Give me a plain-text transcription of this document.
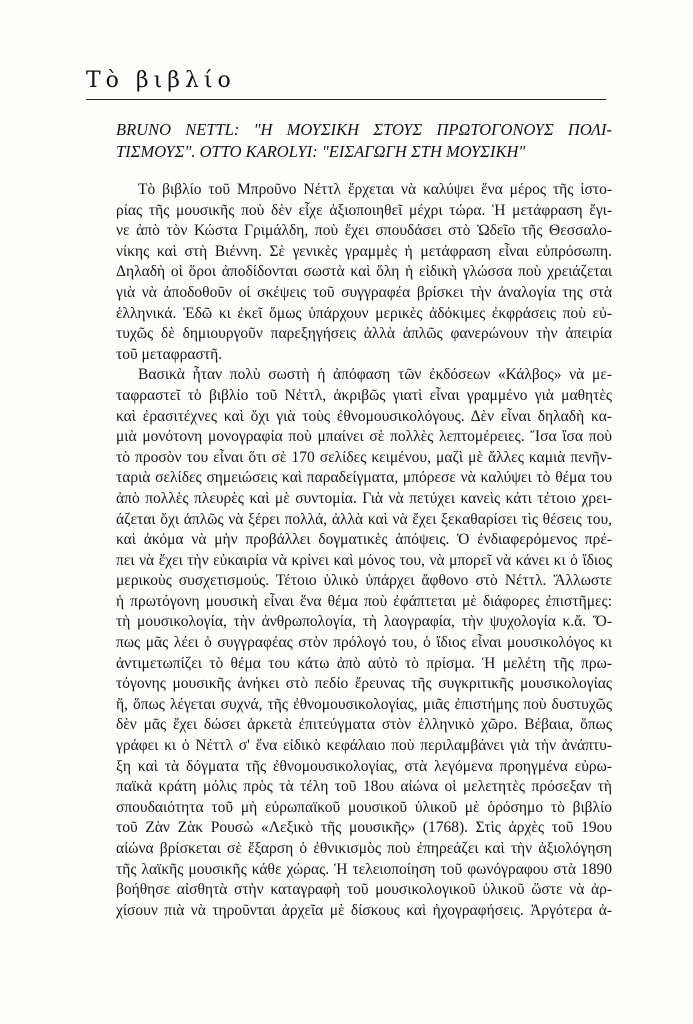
Τὸ βιβλίο
BRUNO NETTL: "Η ΜΟΥΣΙΚΗ ΣΤΟΥΣ ΠΡΩΤΟΓΟΝΟΥΣ ΠΟΛΙ-
ΤΙΣΜΟΥΣ". OTTO KAROLYI: "ΕΙΣΑΓΩΓΗ ΣΤΗ ΜΟΥΣΙΚΗ"
Τὸ βιβλίο τοῦ Μπροῦνο Νέττλ ἔρχεται νὰ καλύψει ἕνα μέρος τῆς ἱστο-
ρίας τῆς μουσικῆς ποὺ δὲν εἶχε ἀξιοποιηθεῖ μέχρι τώρα. Ἡ μετάφραση ἔγι-
νε ἀπὸ τὸν Κώστα Γριμάλδη, ποὺ ἔχει σπουδάσει στὸ Ὠδεῖο τῆς Θεσσαλο-
νίκης καὶ στὴ Βιέννη. Σὲ γενικὲς γραμμὲς ἡ μετάφραση εἶναι εὐπρόσωπη.
Δηλαδὴ οἱ ὅροι ἀποδίδονται σωστὰ καὶ ὅλη ἡ εἰδικὴ γλώσσα ποὺ χρειάζεται
γιὰ νὰ ἀποδοθοῦν οἱ σκέψεις τοῦ συγγραφέα βρίσκει τὴν ἀναλογία της στὰ
ἑλληνικά. Ἐδῶ κι ἐκεῖ ὅμως ὑπάρχουν μερικὲς ἀδόκιμες ἐκφράσεις ποὺ εὐ-
τυχῶς δὲ δημιουργοῦν παρεξηγήσεις ἀλλὰ ἁπλῶς φανερώνουν τὴν ἀπειρία
τοῦ μεταφραστῆ.
Βασικὰ ἦταν πολὺ σωστὴ ἡ ἀπόφαση τῶν ἐκδόσεων «Κάλβος» νὰ με-
ταφραστεῖ τὸ βιβλίο τοῦ Νέττλ, ἀκριβῶς γιατὶ εἶναι γραμμένο γιὰ μαθητὲς
καὶ ἐρασιτέχνες καὶ ὄχι γιὰ τοὺς ἐθνομουσικολόγους. Δὲν εἶναι δηλαδὴ κα-
μιὰ μονότονη μονογραφία ποὺ μπαίνει σὲ πολλὲς λεπτομέρειες. Ἴσα ἴσα ποὺ
τὸ προσὸν του εἶναι ὅτι σὲ 170 σελίδες κειμένου, μαζὶ μὲ ἄλλες καμιὰ πενῆν-
ταριὰ σελίδες σημειώσεις καὶ παραδείγματα, μπόρεσε νὰ καλύψει τὸ θέμα του
ἀπὸ πολλὲς πλευρὲς καὶ μὲ συντομία. Γιὰ νὰ πετύχει κανεὶς κάτι τέτοιο χρει-
άζεται ὄχι ἁπλῶς νὰ ξέρει πολλά, ἀλλὰ καὶ νὰ ἔχει ξεκαθαρίσει τὶς θέσεις του,
καὶ ἀκόμα νὰ μὴν προβάλλει δογματικὲς ἀπόψεις. Ὁ ἐνδιαφερόμενος πρέ-
πει νὰ ἔχει τὴν εὐκαιρία νὰ κρίνει καὶ μόνος του, νὰ μπορεῖ νὰ κάνει κι ὁ ἴδιος
μερικοὺς συσχετισμούς. Τέτοιο ὑλικὸ ὑπάρχει ἄφθονο στὸ Νέττλ. Ἄλλωστε
ἡ πρωτόγονη μουσικὴ εἶναι ἕνα θέμα ποὺ ἐφάπτεται μὲ διάφορες ἐπιστῆμες:
τὴ μουσικολογία, τὴν ἀνθρωπολογία, τὴ λαογραφία, τὴν ψυχολογία κ.ἄ. Ὅ-
πως μᾶς λέει ὁ συγγραφέας στὸν πρόλογό του, ὁ ἴδιος εἶναι μουσικολόγος κι
ἀντιμετωπίζει τὸ θέμα του κάτω ἀπὸ αὐτὸ τὸ πρίσμα. Ἡ μελέτη τῆς πρω-
τόγονης μουσικῆς ἀνήκει στὸ πεδίο ἔρευνας τῆς συγκριτικῆς μουσικολογίας
ἤ, ὅπως λέγεται συχνά, τῆς ἐθνομουσικολογίας, μιᾶς ἐπιστήμης ποὺ δυστυχῶς
δὲν μᾶς ἔχει δώσει ἀρκετὰ ἐπιτεύγματα στὸν ἑλληνικὸ χῶρο. Βέβαια, ὅπως
γράφει κι ὁ Νέττλ σ' ἕνα εἰδικὸ κεφάλαιο ποὺ περιλαμβάνει γιὰ τὴν ἀνάπτυ-
ξη καὶ τὰ δόγματα τῆς ἐθνομουσικολογίας, στὰ λεγόμενα προηγμένα εὐρω-
παϊκὰ κράτη μόλις πρὸς τὰ τέλη τοῦ 18ου αἰώνα οἱ μελετητὲς πρόσεξαν τὴ
σπουδαιότητα τοῦ μὴ εὐρωπαϊκοῦ μουσικοῦ ὑλικοῦ μὲ ὁρόσημο τὸ βιβλίο
τοῦ Ζὰν Ζὰκ Ρουσὼ «Λεξικὸ τῆς μουσικῆς» (1768). Στὶς ἀρχὲς τοῦ 19ου
αἰώνα βρίσκεται σὲ ἔξαρση ὁ ἐθνικισμὸς ποὺ ἐπηρεάζει καὶ τὴν ἀξιολόγηση
τῆς λαϊκῆς μουσικῆς κάθε χώρας. Ἡ τελειοποίηση τοῦ φωνόγραφου στὰ 1890
βοήθησε αἰσθητὰ στὴν καταγραφὴ τοῦ μουσικολογικοῦ ὑλικοῦ ὥστε νὰ ἀρ-
χίσουν πιὰ νὰ τηροῦνται ἀρχεῖα μὲ δίσκους καὶ ἠχογραφήσεις. Ἀργότερα ἀ-
